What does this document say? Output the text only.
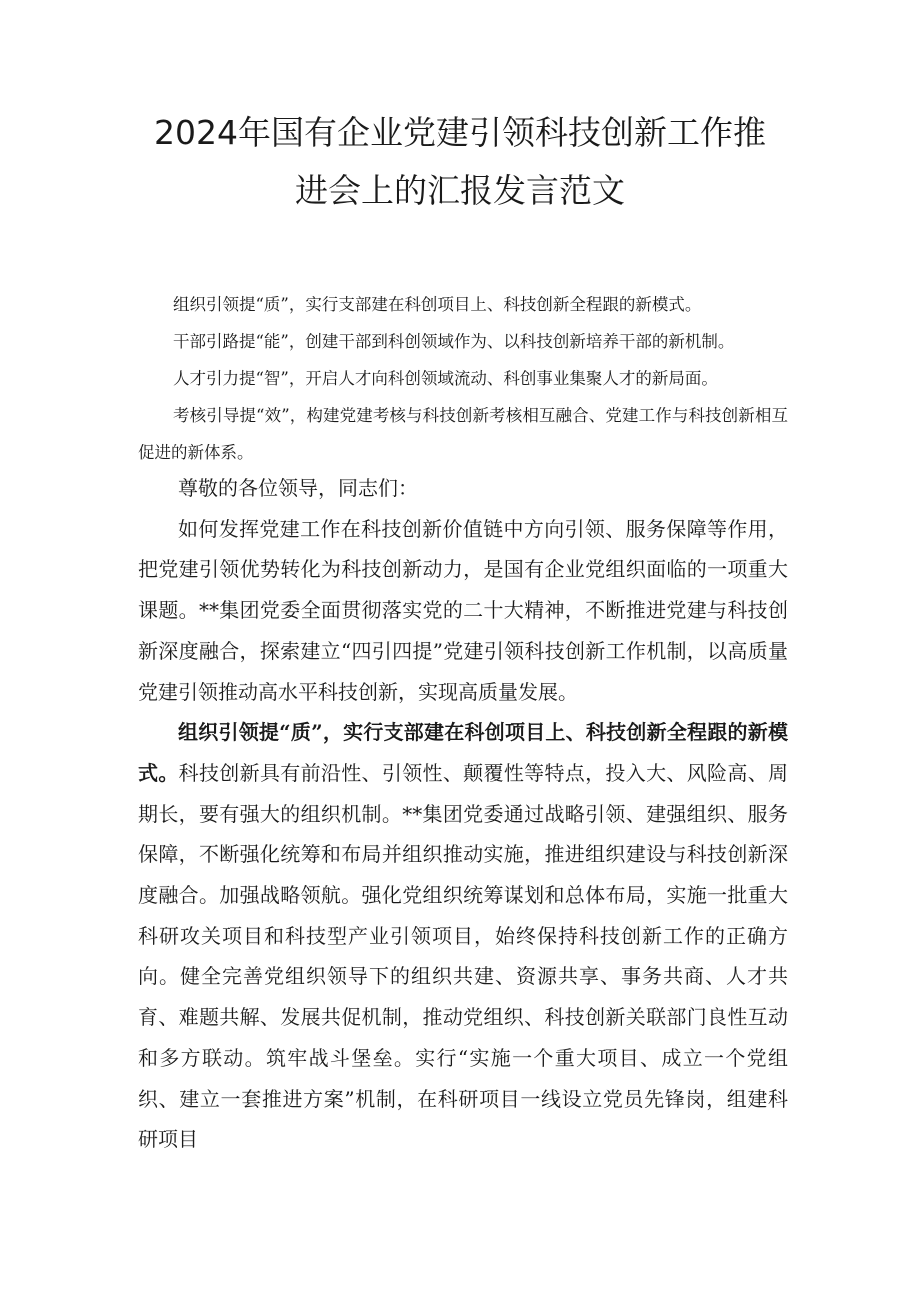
2024年国有企业党建引领科技创新工作推
进会上的汇报发言范文

组织引领提“质”，实行支部建在科创项目上、科技创新全程跟的新模式。

干部引路提“能”，创建干部到科创领域作为、以科技创新培养干部的新机制。

人才引力提“智”，开启人才向科创领域流动、科创事业集聚人才的新局面。

考核引导提“效”，构建党建考核与科技创新考核相互融合、党建工作与科技创新相互促进的新体系。

尊敬的各位领导，同志们：

如何发挥党建工作在科技创新价值链中方向引领、服务保障等作用，把党建引领优势转化为科技创新动力，是国有企业党组织面临的一项重大课题。**集团党委全面贯彻落实党的二十大精神，不断推进党建与科技创新深度融合，探索建立“四引四提”党建引领科技创新工作机制，以高质量党建引领推动高水平科技创新，实现高质量发展。

组织引领提“质”，实行支部建在科创项目上、科技创新全程跟的新模式。科技创新具有前沿性、引领性、颠覆性等特点，投入大、风险高、周期长，要有强大的组织机制。**集团党委通过战略引领、建强组织、服务保障，不断强化统筹和布局并组织推动实施，推进组织建设与科技创新深度融合。加强战略领航。强化党组织统筹谋划和总体布局，实施一批重大科研攻关项目和科技型产业引领项目，始终保持科技创新工作的正确方向。健全完善党组织领导下的组织共建、资源共享、事务共商、人才共育、难题共解、发展共促机制，推动党组织、科技创新关联部门良性互动和多方联动。筑牢战斗堡垒。实行“实施一个重大项目、成立一个党组织、建立一套推进方案”机制，在科研项目一线设立党员先锋岗，组建科研项目
